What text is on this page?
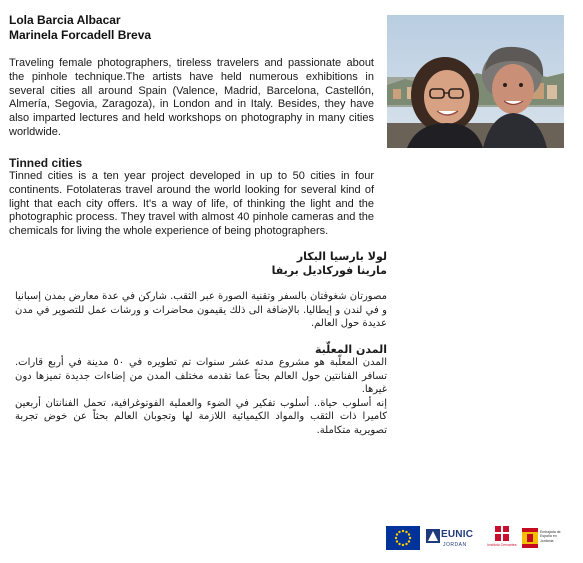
Lola Barcia Albacar
Marinela Forcadell Breva
Traveling female photographers, tireless travelers and passionate about the pinhole technique.The artists have held numerous exhibitions in several cities all around Spain (Valence, Madrid, Barcelona, Castellón, Almería, Segovia, Zaragoza), in London and in Italy. Besides, they have also imparted lectures and held workshops on photography in many cities worldwide.
Tinned cities
Tinned cities is a ten year project developed in up to 50 cities in four continents. Fotolateras travel around the world looking for several kind of light that each city offers. It's a way of life, of thinking the light and the photographic process. They travel with almost 40 pinhole cameras and the chemicals for living the whole experience of being photographers.
لولا بارسيا البكار
مارينا فوركاديل بريفا
مصورتان شغوفتان بالسفر وتقنية الصورة عبر الثقب. شاركن في عدة معارض بمدن إسبانيا و في لندن و إيطاليا. بالإضافة الى ذلك يقيمون محاضرات و ورشات عمل للتصوير في مدن عديدة حول العالم.
المدن المعلّبة
المدن المعلّبة هو مشروع مدته عشر سنوات تم تطويره في ٥٠ مدينة في أربع قارات. تسافر الفنانتين حول العالم بحثاً عما تقدمه مختلف المدن من إضاءات جديدة تميزها دون غيرها.
إنه أسلوب حياة.. أسلوب تفكير في الضوء والعملية الفوتوغرافية، تحمل الفنانتان أربعين كاميرا ذات الثقب والمواد الكيميائية اللازمة لها وتجوبان العالم بحثاً عن خوض تجربة تصويرية متكاملة.
EUNIC
JORDAN	Instituto Cervantes
Embajada de España en Jordania
